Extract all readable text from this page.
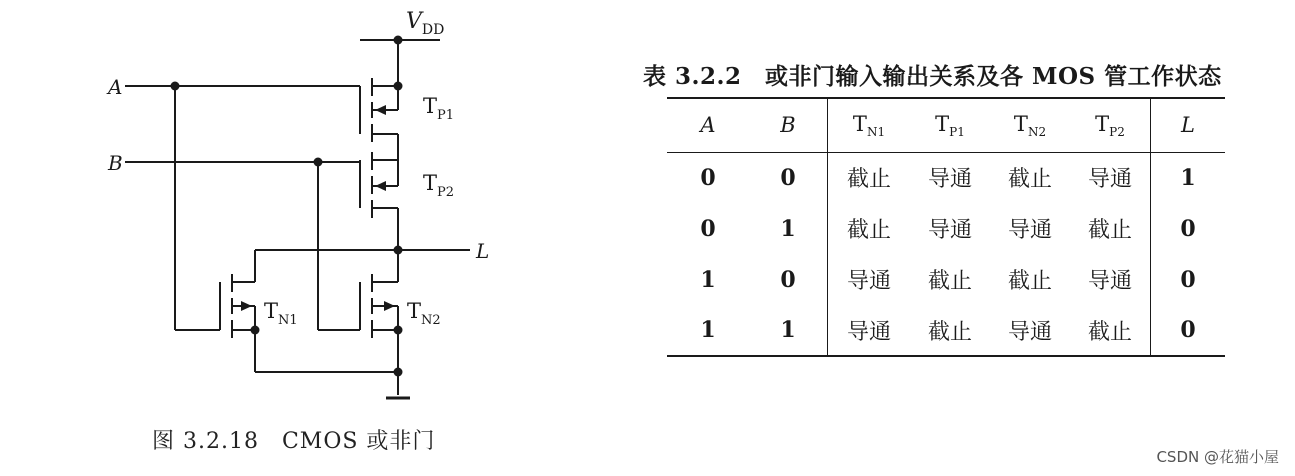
$V_{DD}$
A
B
L
$T_{P1}$
$T_{P2}$
$T_{N1}$	$T_{N2}$
图 3.2.18　CMOS 或非门
表 3.2.2　或非门输入输出关系及各 MOS 管工作状态
A	B	$T_{N1}$	$T_{P1}$	$T_{N2}$	$T_{P2}$	L
0	0	截止	导通	截止	导通	1
0	1	截止	导通	导通	截止	0
1	0	导通	截止	截止	导通	0
1	1	导通	截止	导通	截止	0
CSDN @花猫小屋
